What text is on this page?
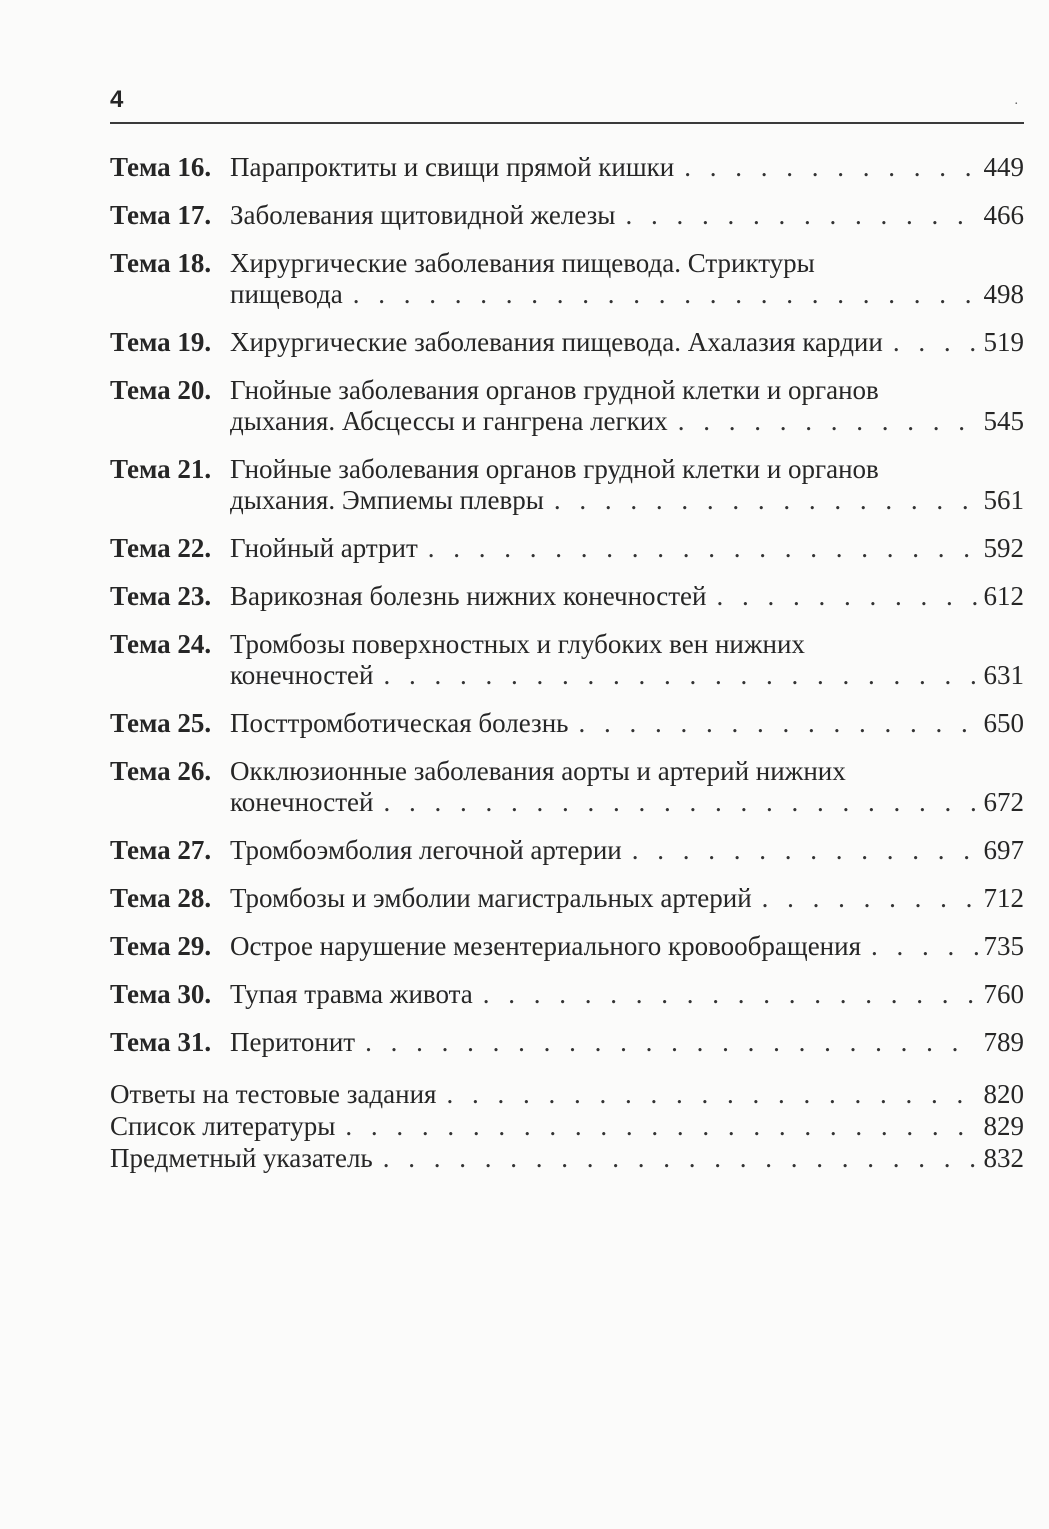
4	.
Тема 16. Парапроктиты и свищи прямой кишки . . .	449
Тема 17. Заболевания щитовидной железы . . .	466
Тема 18. Хирургические заболевания пищевода. Стриктуры
пищевода . . .	498
Тема 19. Хирургические заболевания пищевода. Ахалазия кардии . . .	519
Тема 20. Гнойные заболевания органов грудной клетки и органов
дыхания. Абсцессы и гангрена легких . . .	545
Тема 21. Гнойные заболевания органов грудной клетки и органов
дыхания. Эмпиемы плевры . . .	561
Тема 22. Гнойный артрит . . .	592
Тема 23. Варикозная болезнь нижних конечностей . . .	612
Тема 24. Тромбозы поверхностных и глубоких вен нижних
конечностей . . .	631
Тема 25. Посттромботическая болезнь . . .	650
Тема 26. Окклюзионные заболевания аорты и артерий нижних
конечностей . . .	672
Тема 27. Тромбоэмболия легочной артерии . . .	697
Тема 28. Тромбозы и эмболии магистральных артерий . . .	712
Тема 29. Острое нарушение мезентериального кровообращения . . .	735
Тема 30. Тупая травма живота . . .	760
Тема 31. Перитонит . . .	789
Ответы на тестовые задания . . .	820
Список литературы . . .	829
Предметный указатель . . .	832
